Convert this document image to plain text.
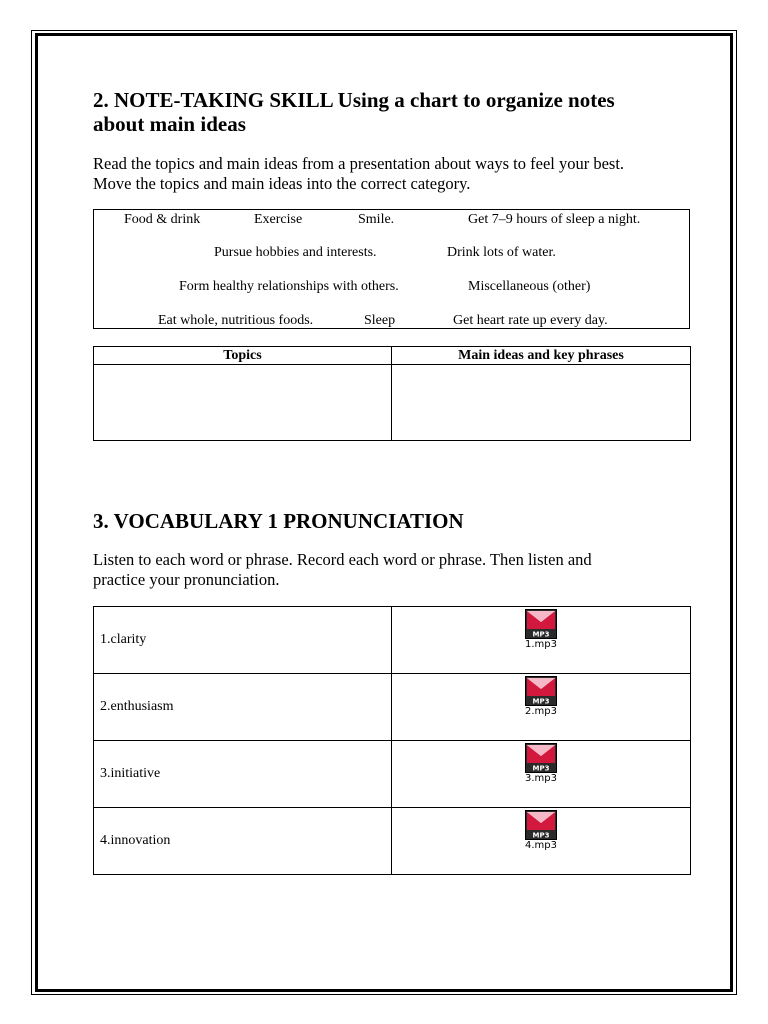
2. NOTE-TAKING SKILL Using a chart to organize notes
about main ideas
Read the topics and main ideas from a presentation about ways to feel your best.
Move the topics and main ideas into the correct category.
Food & drink	Exercise	Smile.	Get 7–9 hours of sleep a night.
Pursue hobbies and interests.	Drink lots of water.
Form healthy relationships with others.	Miscellaneous (other)
Eat whole, nutritious foods.	Sleep	Get heart rate up every day.
Topics	Main ideas and key phrases

3. VOCABULARY 1 PRONUNCIATION
Listen to each word or phrase. Record each word or phrase. Then listen and
practice your pronunciation.
1.clarity	MP3
1.mp3

2.enthusiasm	MP3
2.mp3

3.initiative	MP3
3.mp3

4.innovation	MP3
4.mp3
